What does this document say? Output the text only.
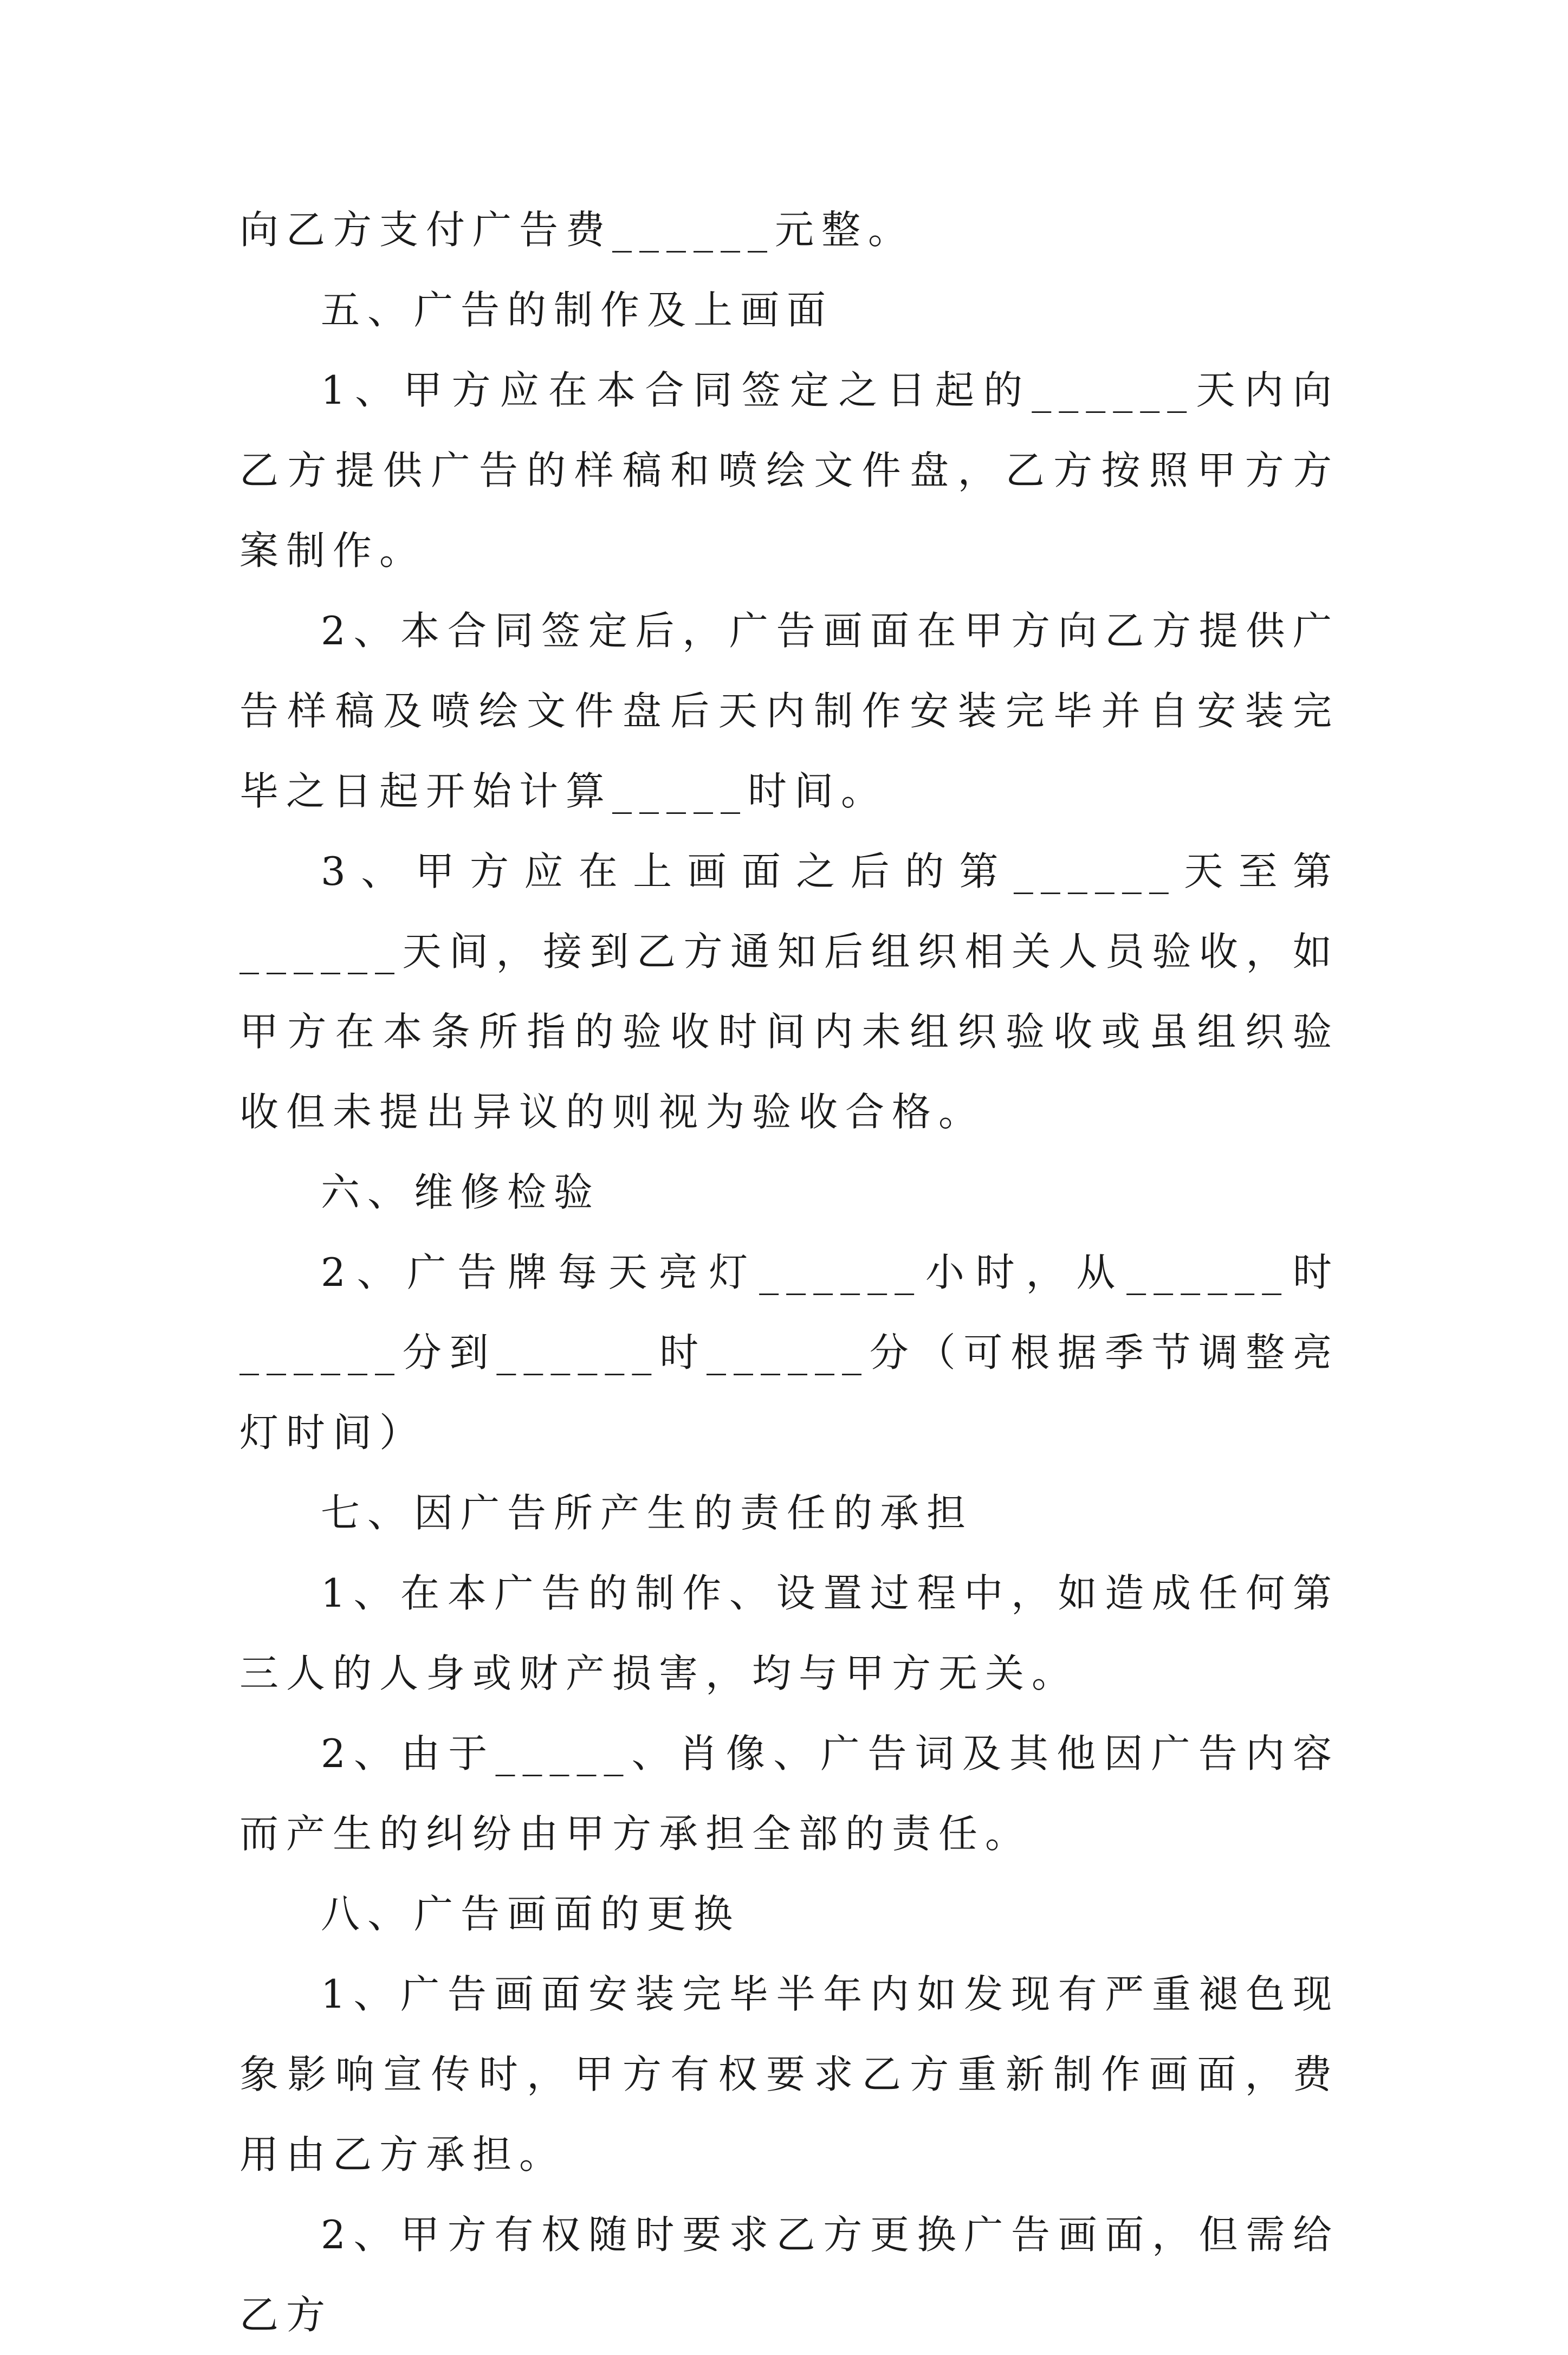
向乙方支付广告费______元整。

五、广告的制作及上画面

1、甲方应在本合同签定之日起的______天内向乙方提供广告的样稿和喷绘文件盘，乙方按照甲方方案制作。

2、本合同签定后，广告画面在甲方向乙方提供广告样稿及喷绘文件盘后天内制作安装完毕并自安装完毕之日起开始计算_____时间。

3、甲方应在上画面之后的第______天至第______天间，接到乙方通知后组织相关人员验收，如甲方在本条所指的验收时间内未组织验收或虽组织验收但未提出异议的则视为验收合格。

六、维修检验

2、广告牌每天亮灯______小时，从______时______分到______时______分（可根据季节调整亮灯时间）

七、因广告所产生的责任的承担

1、在本广告的制作、设置过程中，如造成任何第三人的人身或财产损害，均与甲方无关。

2、由于_____、肖像、广告词及其他因广告内容而产生的纠纷由甲方承担全部的责任。

八、广告画面的更换

1、广告画面安装完毕半年内如发现有严重褪色现象影响宣传时，甲方有权要求乙方重新制作画面，费用由乙方承担。

2、甲方有权随时要求乙方更换广告画面，但需给乙方
